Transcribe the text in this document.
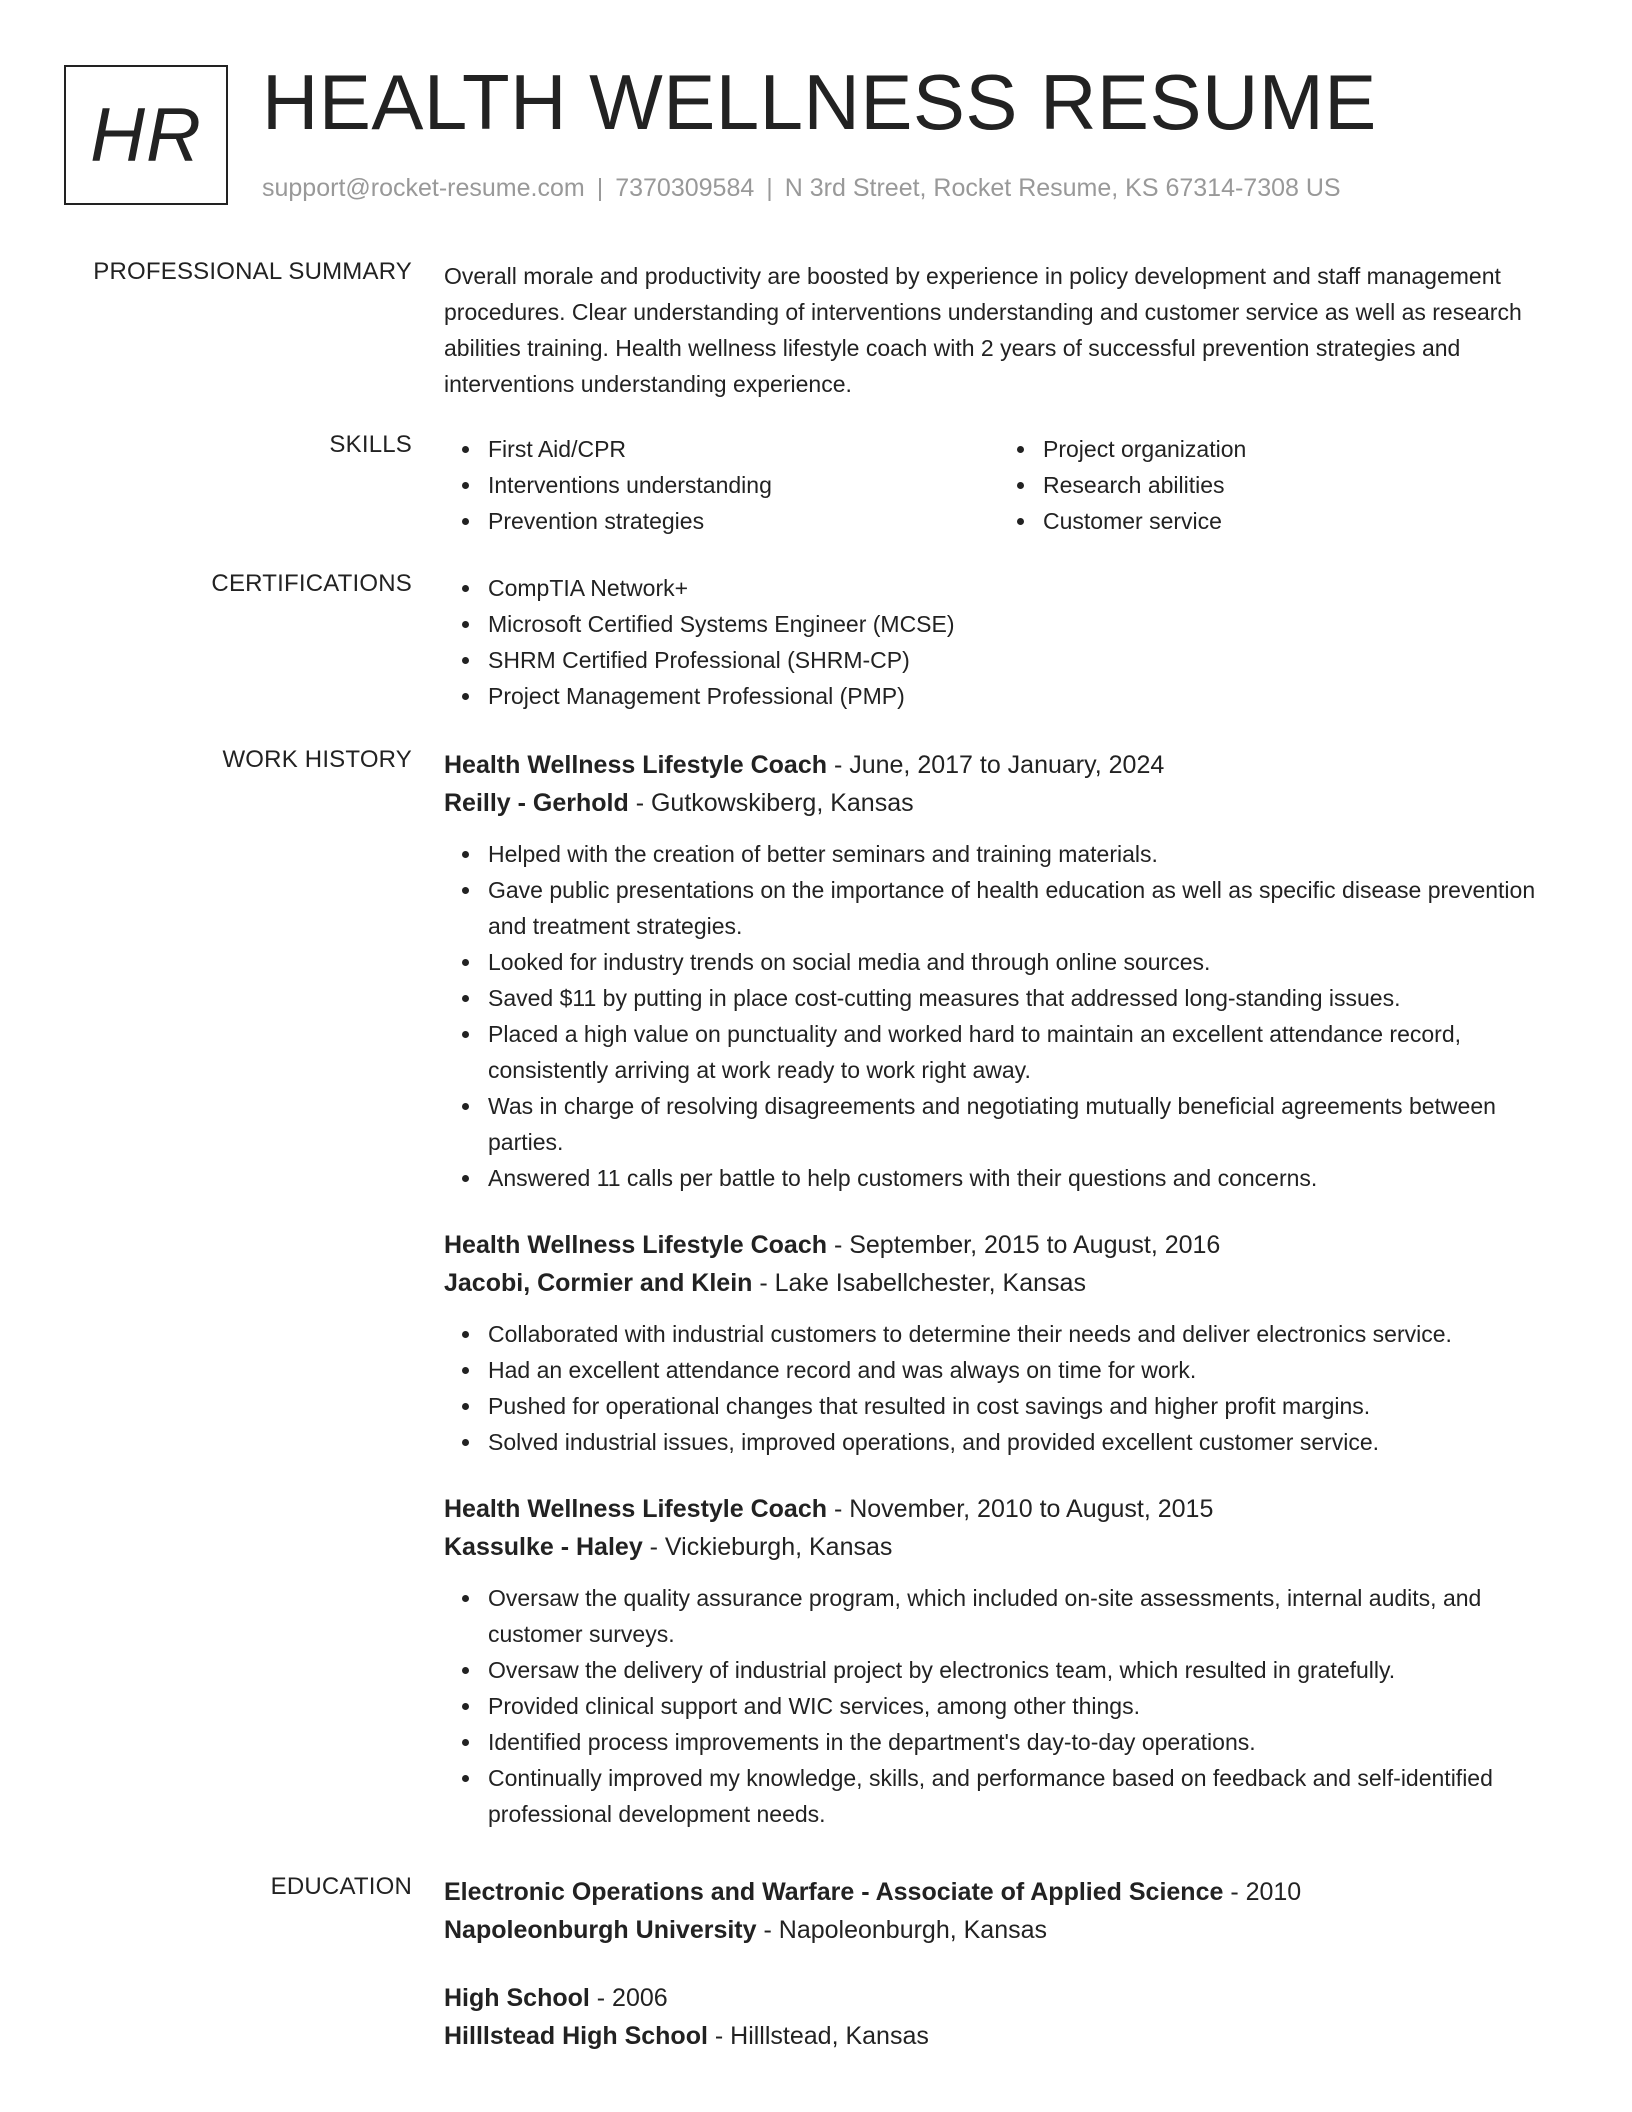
HR HEALTH WELLNESS RESUME
support@rocket-resume.com | 7370309584 | N 3rd Street, Rocket Resume, KS 67314-7308 US
PROFESSIONAL SUMMARY Overall morale and productivity are boosted by experience in policy development and staff management procedures. Clear understanding of interventions understanding and customer service as well as research abilities training. Health wellness lifestyle coach with 2 years of successful prevention strategies and interventions understanding experience.
SKILLS	First Aid/CPR
Interventions understanding
Prevention strategies
Project organization
Research abilities
Customer service
CERTIFICATIONS	CompTIA Network+
Microsoft Certified Systems Engineer (MCSE)
SHRM Certified Professional (SHRM-CP)
Project Management Professional (PMP)
WORK HISTORY Health Wellness Lifestyle Coach - June, 2017 to January, 2024
Reilly - Gerhold - Gutkowskiberg, Kansas
Helped with the creation of better seminars and training materials.
Gave public presentations on the importance of health education as well as specific disease prevention and treatment strategies.
Looked for industry trends on social media and through online sources.
Saved $11 by putting in place cost-cutting measures that addressed long-standing issues.
Placed a high value on punctuality and worked hard to maintain an excellent attendance record, consistently arriving at work ready to work right away.
Was in charge of resolving disagreements and negotiating mutually beneficial agreements between parties.
Answered 11 calls per battle to help customers with their questions and concerns.
Health Wellness Lifestyle Coach - September, 2015 to August, 2016
Jacobi, Cormier and Klein - Lake Isabellchester, Kansas
Collaborated with industrial customers to determine their needs and deliver electronics service.
Had an excellent attendance record and was always on time for work.
Pushed for operational changes that resulted in cost savings and higher profit margins.
Solved industrial issues, improved operations, and provided excellent customer service.
Health Wellness Lifestyle Coach - November, 2010 to August, 2015
Kassulke - Haley - Vickieburgh, Kansas
Oversaw the quality assurance program, which included on-site assessments, internal audits, and customer surveys.
Oversaw the delivery of industrial project by electronics team, which resulted in gratefully.
Provided clinical support and WIC services, among other things.
Identified process improvements in the department's day-to-day operations.
Continually improved my knowledge, skills, and performance based on feedback and self-identified professional development needs.
EDUCATION Electronic Operations and Warfare - Associate of Applied Science - 2010
Napoleonburgh University - Napoleonburgh, Kansas
High School - 2006
Hilllstead High School - Hilllstead, Kansas
